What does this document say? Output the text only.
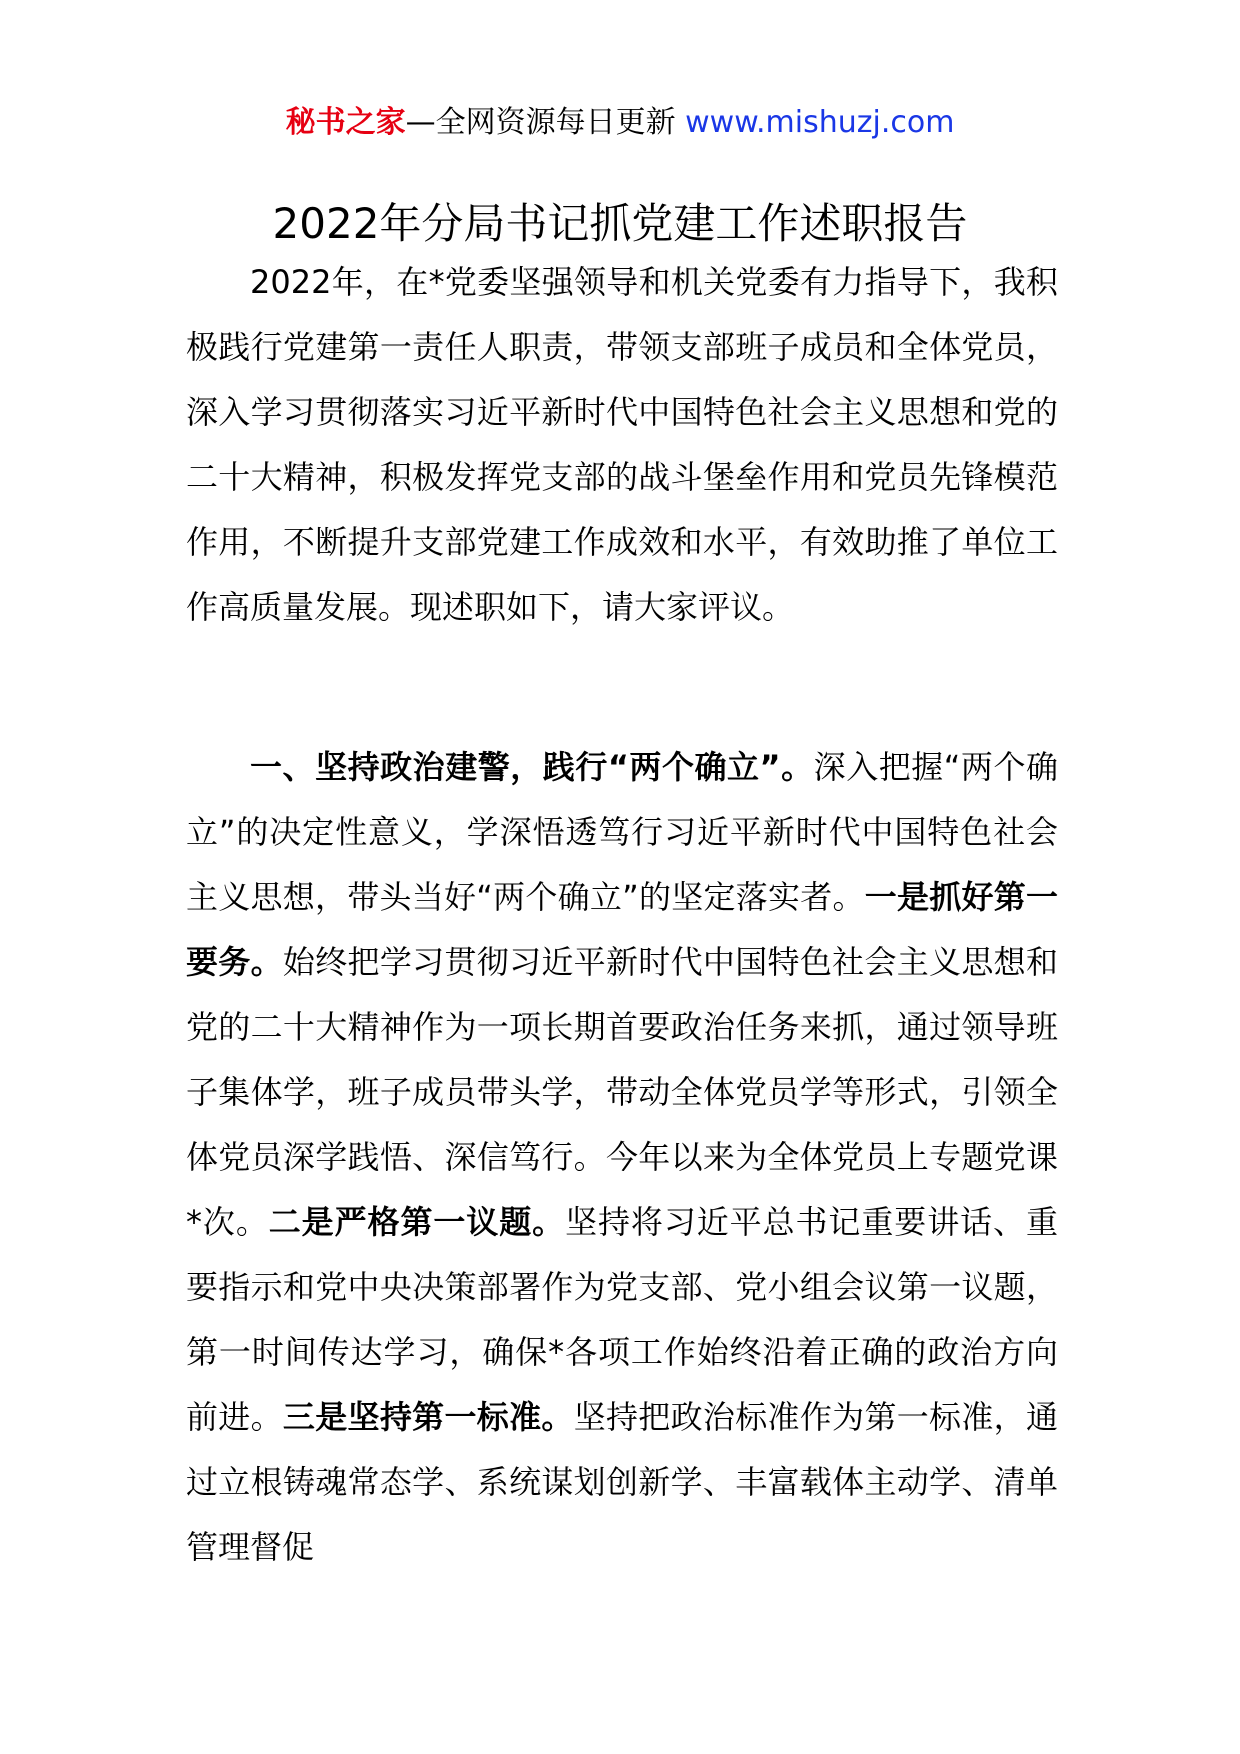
秘书之家—全网资源每日更新 www.mishuzj.com
2022年分局书记抓党建工作述职报告

2022年，在*党委坚强领导和机关党委有力指导下，我积极践行党建第一责任人职责，带领支部班子成员和全体党员，深入学习贯彻落实习近平新时代中国特色社会主义思想和党的二十大精神，积极发挥党支部的战斗堡垒作用和党员先锋模范作用，不断提升支部党建工作成效和水平，有效助推了单位工作高质量发展。现述职如下，请大家评议。

一、坚持政治建警，践行“两个确立”。深入把握“两个确立”的决定性意义，学深悟透笃行习近平新时代中国特色社会主义思想，带头当好“两个确立”的坚定落实者。一是抓好第一要务。始终把学习贯彻习近平新时代中国特色社会主义思想和党的二十大精神作为一项长期首要政治任务来抓，通过领导班子集体学，班子成员带头学，带动全体党员学等形式，引领全体党员深学践悟、深信笃行。今年以来为全体党员上专题党课*次。二是严格第一议题。坚持将习近平总书记重要讲话、重要指示和党中央决策部署作为党支部、党小组会议第一议题，第一时间传达学习，确保*各项工作始终沿着正确的政治方向前进。三是坚持第一标准。坚持把政治标准作为第一标准，通过立根铸魂常态学、系统谋划创新学、丰富载体主动学、清单管理督促
